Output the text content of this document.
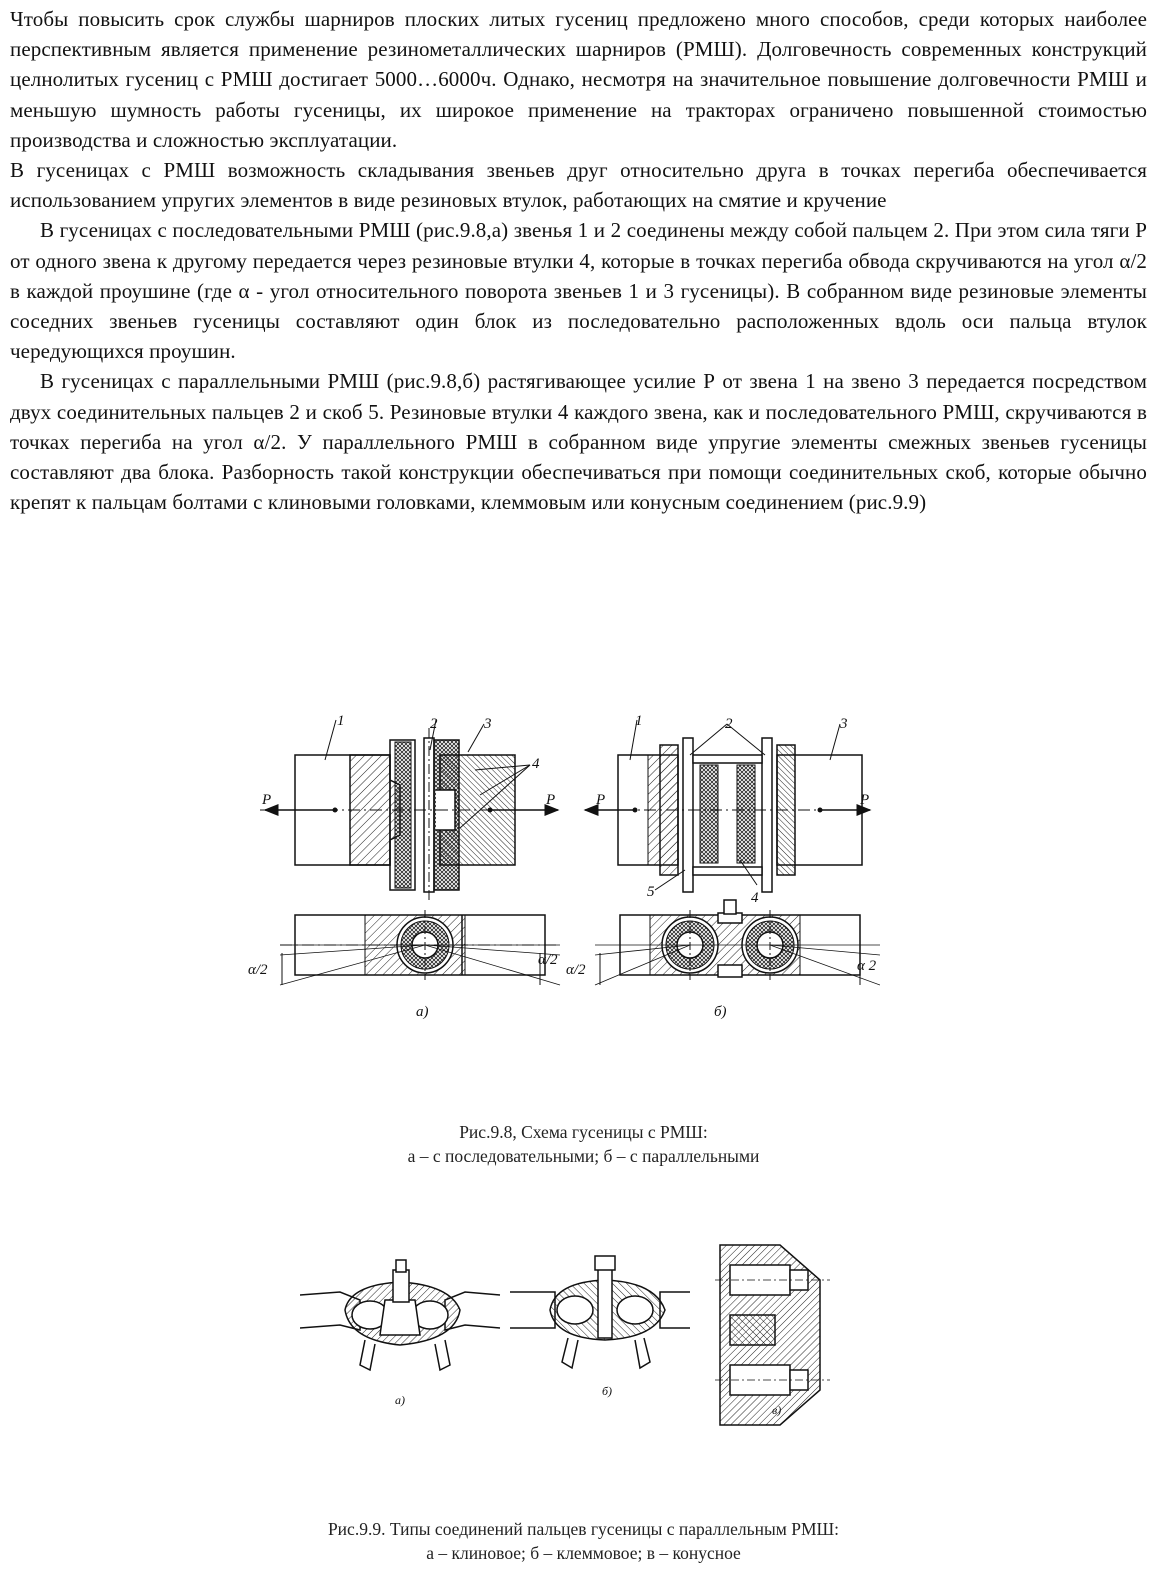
Чтобы повысить срок службы шарниров плоских литых гусениц предложено много способов, среди которых наиболее перспективным является применение резинометаллических шарниров (РМШ). Долговечность современных конструкций целнолитых гусениц с РМШ достигает 5000…6000ч. Однако, несмотря на значительное повышение долговечности РМШ и меньшую шумность работы гусеницы, их широкое применение на тракторах ограничено повышенной стоимостью производства и сложностью эксплуатации.

В гусеницах с РМШ возможность складывания звеньев друг относительно друга в точках перегиба обеспечивается использованием упругих элементов в виде резиновых втулок, работающих на смятие и кручение

В гусеницах с последовательными РМШ (рис.9.8,а) звенья 1 и 2 соединены между собой пальцем 2. При этом сила тяги Р от одного звена к другому передается через резиновые втулки 4, которые в точках перегиба обвода скручиваются на угол α/2 в каждой проушине (где α - угол относительного поворота звеньев 1 и 3 гусеницы). В собранном виде резиновые элементы соседних звеньев гусеницы составляют один блок из последовательно расположенных вдоль оси пальца втулок чередующихся проушин.

В гусеницах с параллельными РМШ (рис.9.8,б) растягивающее усилие Р от звена 1 на звено 3 передается посредством двух соединительных пальцев 2 и скоб 5. Резиновые втулки 4 каждого звена, как и последовательного РМШ, скручиваются в точках перегиба на угол α/2. У параллельного РМШ в собранном виде упругие элементы смежных звеньев гусеницы составляют два блока. Разборность такой конструкции обеспечиваться при помощи соединительных скоб, которые обычно крепят к пальцам болтами с клиновыми головками, клеммовым или конусным соединением (рис.9.9)

1	2	3
4
P	P
α/2
α/2
а)
1	2	3
5	4
P	P
α/2	α 2
б)
Рис.9.8, Схема гусеницы с РМШ:
а – с последовательными; б – с параллельными
а)
б)
в)
Рис.9.9. Типы соединений пальцев гусеницы с параллельным РМШ:
а – клиновое; б – клеммовое; в – конусное
